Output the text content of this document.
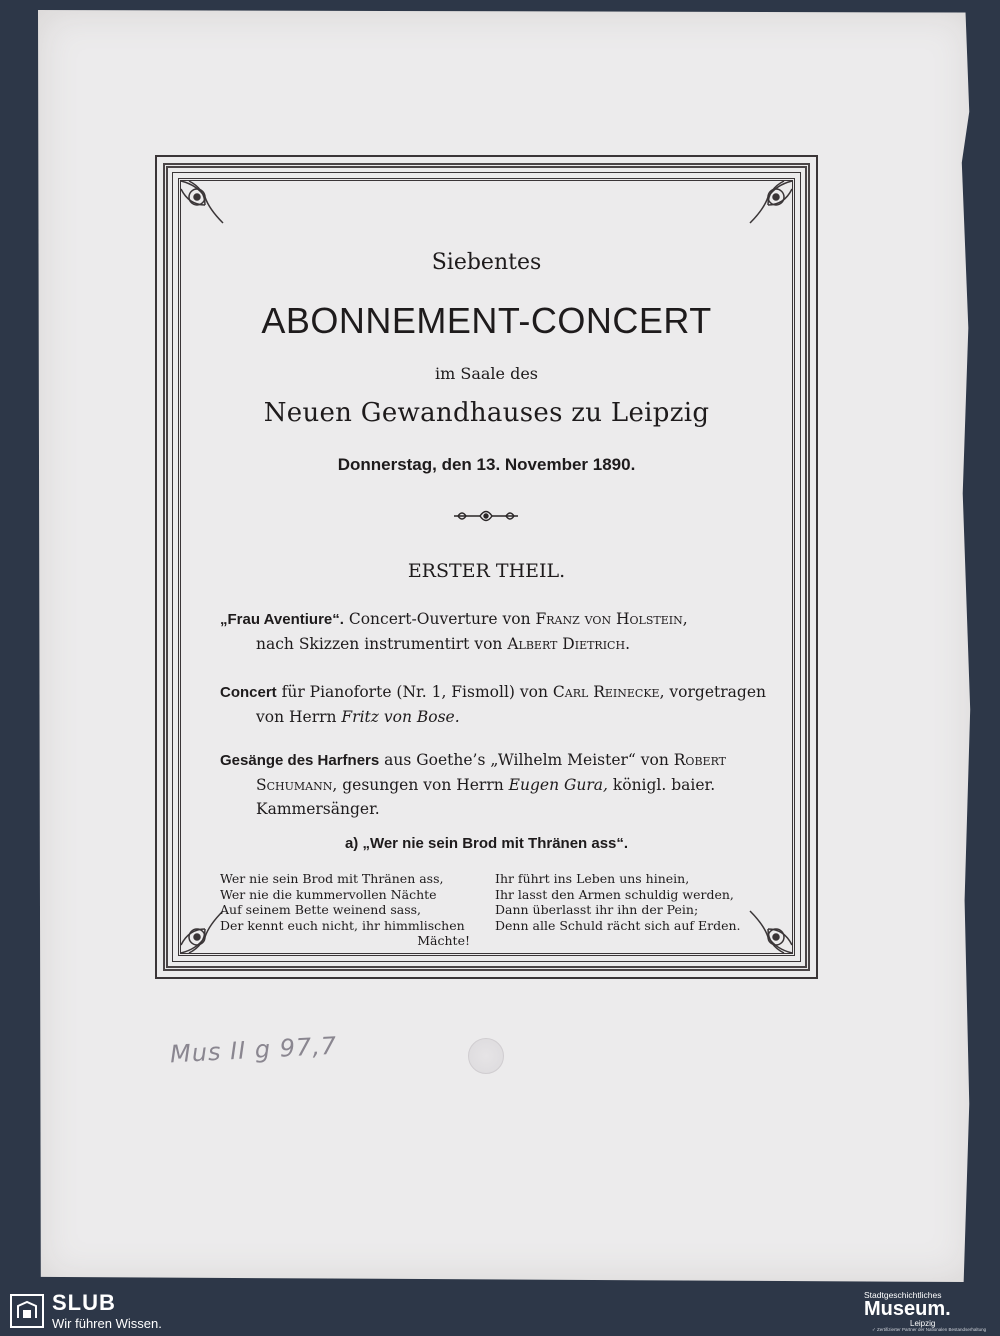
Siebentes
ABONNEMENT-CONCERT
im Saale des
Neuen Gewandhauses zu Leipzig
Donnerstag, den 13. November 1890.
ERSTER THEIL.
„Frau Aventiure“. Concert-Ouverture von Franz von Holstein,
nach Skizzen instrumentirt von Albert Dietrich.
Concert für Pianoforte (Nr. 1, Fismoll) von Carl Reinecke, vorgetragen
von Herrn Fritz von Bose.
Gesänge des Harfners aus Goethe’s „Wilhelm Meister“ von Robert Schumann, gesungen von Herrn Eugen Gura, königl. baier. Kammersänger.
a) „Wer nie sein Brod mit Thränen ass“.
Wer nie sein Brod mit Thränen ass,
Wer nie die kummervollen Nächte
Auf seinem Bette weinend sass,
Der kennt euch nicht, ihr himmlischen
Mächte!
Ihr führt ins Leben uns hinein,
Ihr lasst den Armen schuldig werden,
Dann überlasst ihr ihn der Pein;
Denn alle Schuld rächt sich auf Erden.
Mus II g 97,7
SLUB
Wir führen Wissen.
Stadtgeschichtliches
Museum.
Leipzig
✓ Zertifizierter Partner der Nationalen Bestandserhaltung
